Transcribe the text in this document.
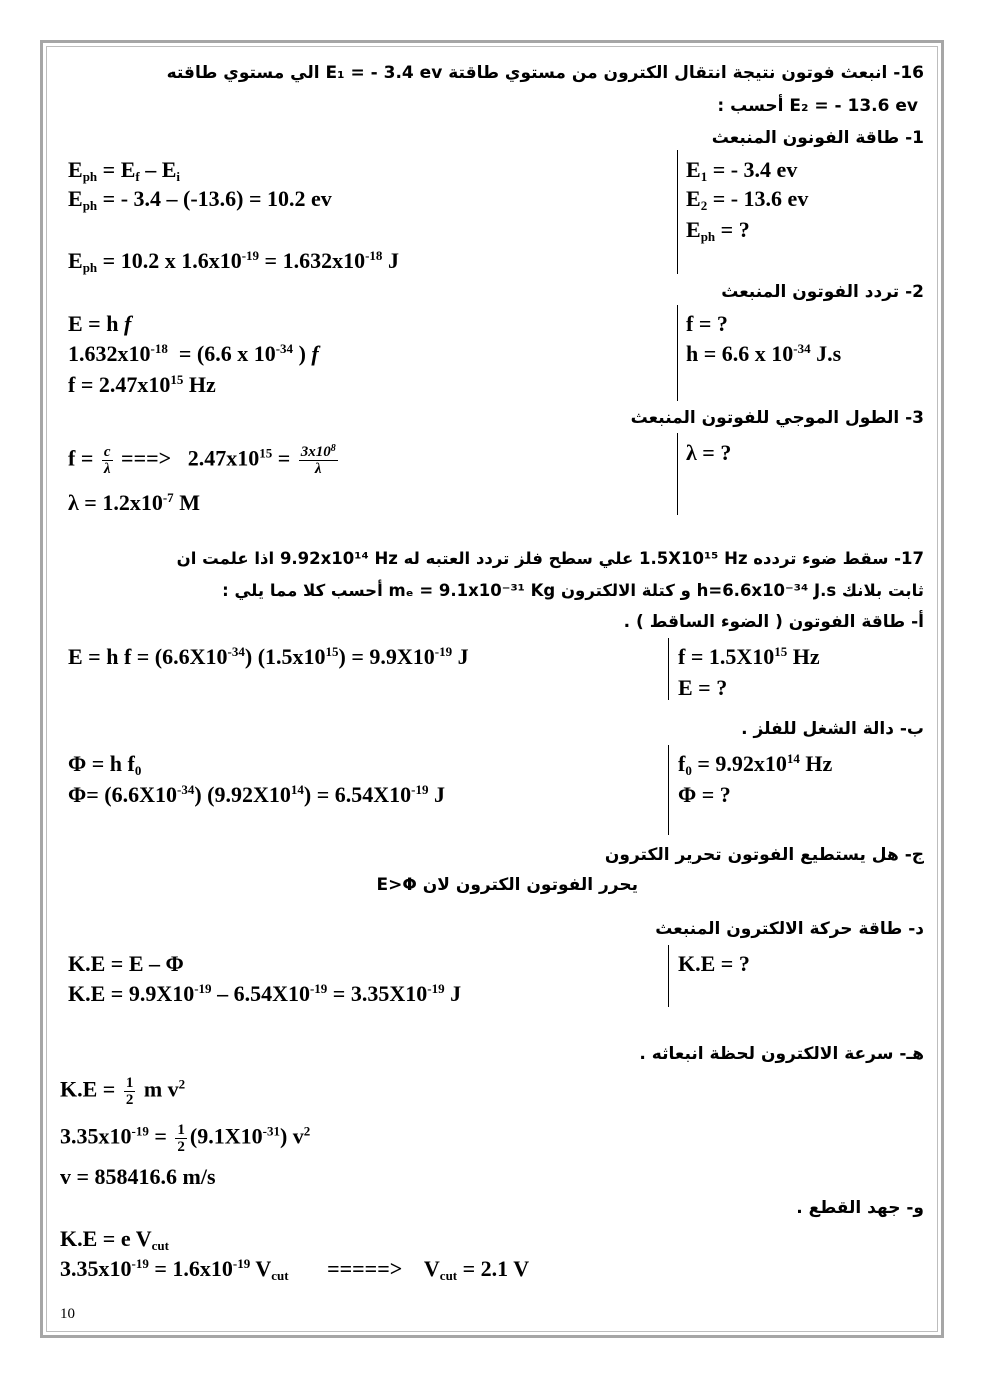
16- انبعث فوتون نتيجة انتقال الكترون من مستوي طاقتة E₁ = - 3.4 ev الي مستوي طاقته
E₂ = - 13.6 ev أحسب :
1- طاقة الفونون المنبعث
$E_{ph} = E_f - E_i$
$E_{ph}$ = - 3.4 – (-13.6) = 10.2 ev
$E_{ph} = 10.2$ x $1.6x10^{-19} = 1.632x10^{-18}$ J
$E_1$ = - 3.4 ev
$E_2$ = - 13.6 ev
$E_{ph}$ = ?
2- تردد الفوتون المنبعث
E = h f
$1.632x10^{-18} = (6.6$ x $10^{-34}$ ) f
$f = 2.47x10^{15}$ Hz
f = ?
h = 6.6 x $10^{-34}$ J.s
3- الطول الموجي للفوتون المنبعث
$f = \frac{c}{\lambda}$ ===>   $2.47x10^{15} = \frac{3x10^8}{\lambda}$
$\lambda = 1.2x10^{-7}$ M
λ = ?
17- سقط ضوء تردده 1.5X10¹⁵ Hz علي سطح فلز تردد العتبه له 9.92x10¹⁴ Hz اذا علمت ان
ثابت بلانك h=6.6x10⁻³⁴ J.s و كتلة الالكترون mₑ = 9.1x10⁻³¹ Kg أحسب كلا مما يلي :
أ- طاقة الفوتون ( الضوء الساقط ) .
E = h $f = (6.6X10^{-34}) (1.5x10^{15}) = 9.9X10^{-19}$ J	$f = 1.5X10^{15}$ Hz
E = ?
ب- دالة الشغل للفلز .
Φ = h $f_0$
$\Phi= (6.6X10^{-34}) (9.92X10^{14}) = 6.54X10^{-19}$ J
$f_0 = 9.92x10^{14}$ Hz
Φ = ?
ج- هل يستطيع الفوتون تحرير الكترون
يحرر الفوتون الكترون لان E>Φ
د- طاقة حركة الالكترون المنبعث
K.E = E – Φ
$K.E = 9.9X10^{-19} - 6.54X10^{-19} = 3.35X10^{-19}$ J
K.E = ?
هـ- سرعة الالكترون لحظة انبعاثه .
$K.E = \frac{1}{2}$ m $v^2$
$3.35x10^{-19} = \frac{1}{2} (9.1X10^{-31})$ $v^2$
v = 858416.6 m/s
و- جهد القطع .
K.E = e $V_{cut}$
$3.35x10^{-19} = 1.6x10^{-19}$ $V_{cut}$       =====>    $V_{cut} = 2.1$ V
10
